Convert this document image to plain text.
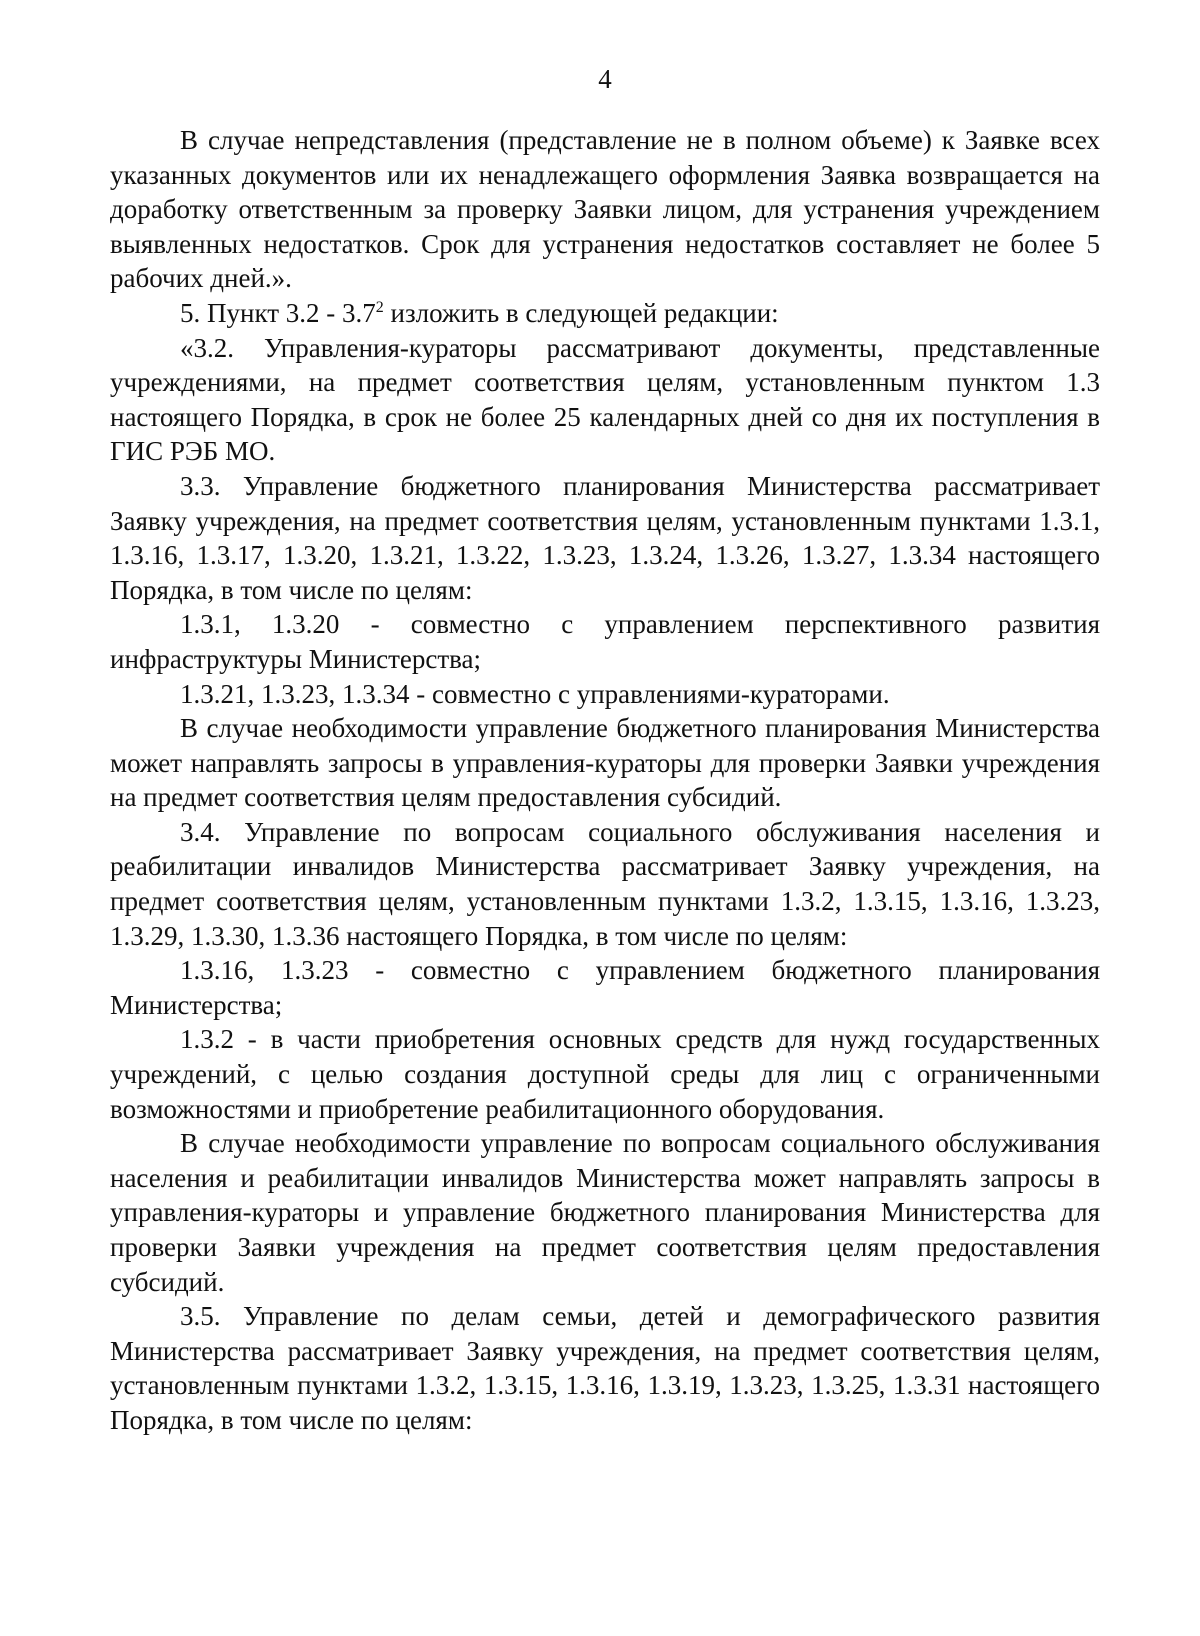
4

В случае непредставления (представление не в полном объеме) к Заявке всех указанных документов или их ненадлежащего оформления Заявка возвращается на доработку ответственным за проверку Заявки лицом, для устранения учреждением выявленных недостатков. Срок для устранения недостатков составляет не более 5 рабочих дней.».

5. Пункт $3.2 - 3.7^2$ изложить в следующей редакции:

«3.2. Управления-кураторы рассматривают документы, представленные учреждениями, на предмет соответствия целям, установленным пунктом 1.3 настоящего Порядка, в срок не более 25 календарных дней со дня их поступления в ГИС РЭБ МО.

3.3. Управление бюджетного планирования Министерства рассматривает Заявку учреждения, на предмет соответствия целям, установленным пунктами 1.3.1, 1.3.16, 1.3.17, 1.3.20, 1.3.21, 1.3.22, 1.3.23, 1.3.24, 1.3.26, 1.3.27, 1.3.34 настоящего Порядка, в том числе по целям:

1.3.1, 1.3.20 - совместно с управлением перспективного развития инфраструктуры Министерства;

1.3.21, 1.3.23, 1.3.34 - совместно с управлениями-кураторами.

В случае необходимости управление бюджетного планирования Министерства может направлять запросы в управления-кураторы для проверки Заявки учреждения на предмет соответствия целям предоставления субсидий.

3.4. Управление по вопросам социального обслуживания населения и реабилитации инвалидов Министерства рассматривает Заявку учреждения, на предмет соответствия целям, установленным пунктами 1.3.2, 1.3.15, 1.3.16, 1.3.23, 1.3.29, 1.3.30, 1.3.36 настоящего Порядка, в том числе по целям:

1.3.16, 1.3.23 - совместно с управлением бюджетного планирования Министерства;

1.3.2 - в части приобретения основных средств для нужд государственных учреждений, с целью создания доступной среды для лиц с ограниченными возможностями и приобретение реабилитационного оборудования.

В случае необходимости управление по вопросам социального обслуживания населения и реабилитации инвалидов Министерства может направлять запросы в управления-кураторы и управление бюджетного планирования Министерства для проверки Заявки учреждения на предмет соответствия целям предоставления субсидий.

3.5. Управление по делам семьи, детей и демографического развития Министерства рассматривает Заявку учреждения, на предмет соответствия целям, установленным пунктами 1.3.2, 1.3.15, 1.3.16, 1.3.19, 1.3.23, 1.3.25, 1.3.31 настоящего Порядка, в том числе по целям:
